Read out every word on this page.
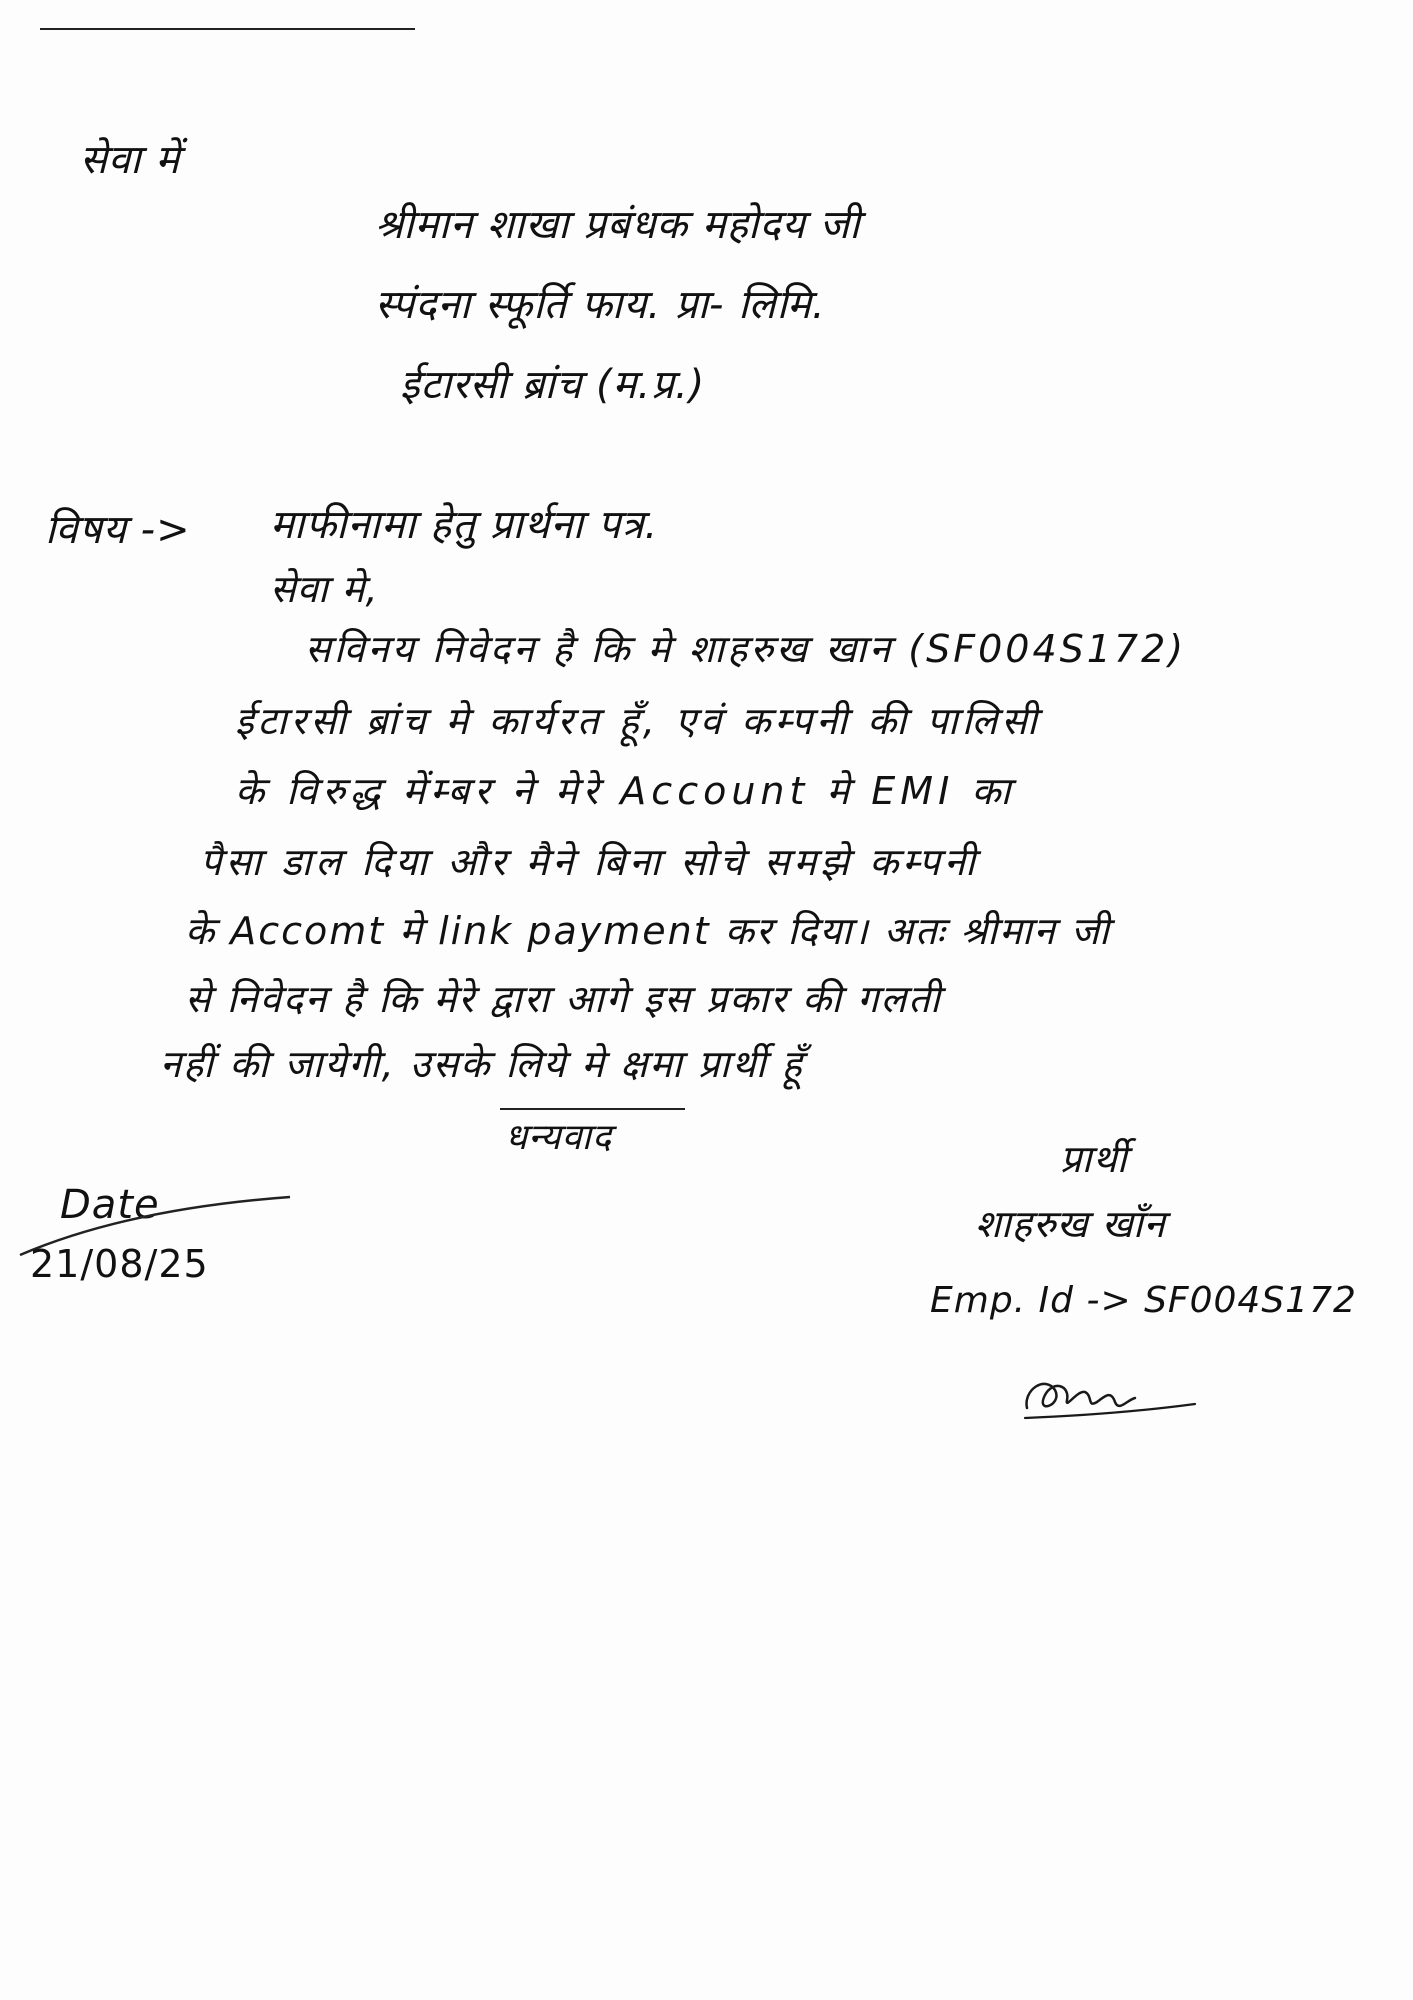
सेवा में
श्रीमान शाखा प्रबंधक महोदय जी
स्पंदना स्फूर्ति फाय. प्रा- लिमि.
ईटारसी ब्रांच (म.प्र.)
विषय -> माफीनामा हेतु प्रार्थना पत्र.
सेवा मे,
सविनय निवेदन है कि मे शाहरुख खान (SF004S172)
ईटारसी ब्रांच मे कार्यरत हूँ, एवं कम्पनी की पालिसी
के विरुद्ध मेंम्बर ने मेरे Account मे EMI का
पैसा डाल दिया और मैने बिना सोचे समझे कम्पनी
के Accomt मे link payment कर दिया। अतः श्रीमान जी
से निवेदन है कि मेरे द्वारा आगे इस प्रकार की गलती
नहीं की जायेगी, उसके लिये मे क्षमा प्रार्थी हूँ
धन्यवाद
Date
21/08/25
प्रार्थी
शाहरुख खाँन
Emp. Id -> SF004S172
